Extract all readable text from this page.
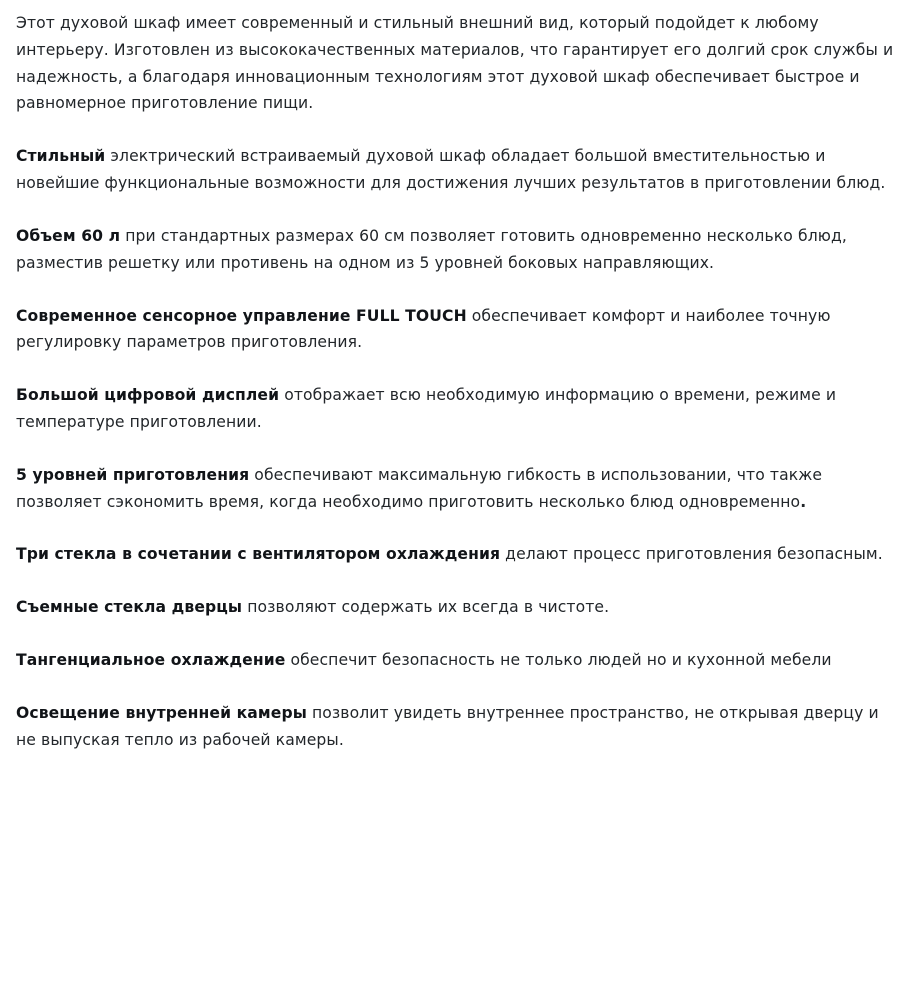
Этот духовой шкаф имеет современный и стильный внешний вид, который подойдет к любому интерьеру. Изготовлен из высококачественных материалов, что гарантирует его долгий срок службы и надежность, а благодаря инновационным технологиям этот духовой шкаф обеспечивает быстрое и равномерное приготовление пищи.

Стильный электрический встраиваемый духовой шкаф обладает большой вместительностью и новейшие функциональные возможности для достижения лучших результатов в приготовлении блюд.

Объем 60 л при стандартных размерах 60 см позволяет готовить одновременно несколько блюд, разместив решетку или противень на одном из 5 уровней боковых направляющих.

Современное сенсорное управление FULL TOUCH обеспечивает комфорт и наиболее точную регулировку параметров приготовления.

Большой цифровой дисплей отображает всю необходимую информацию о времени, режиме и температуре приготовлении.

5 уровней приготовления обеспечивают максимальную гибкость в использовании, что также позволяет сэкономить время, когда необходимо приготовить несколько блюд одновременно.

Три стекла в сочетании с вентилятором охлаждения делают процесс приготовления безопасным.

Съемные стекла дверцы позволяют содержать их всегда в чистоте.

Тангенциальное охлаждение обеспечит безопасность не только людей но и кухонной мебели

Освещение внутренней камеры позволит увидеть внутреннее пространство, не открывая дверцу и не выпуская тепло из рабочей камеры.
